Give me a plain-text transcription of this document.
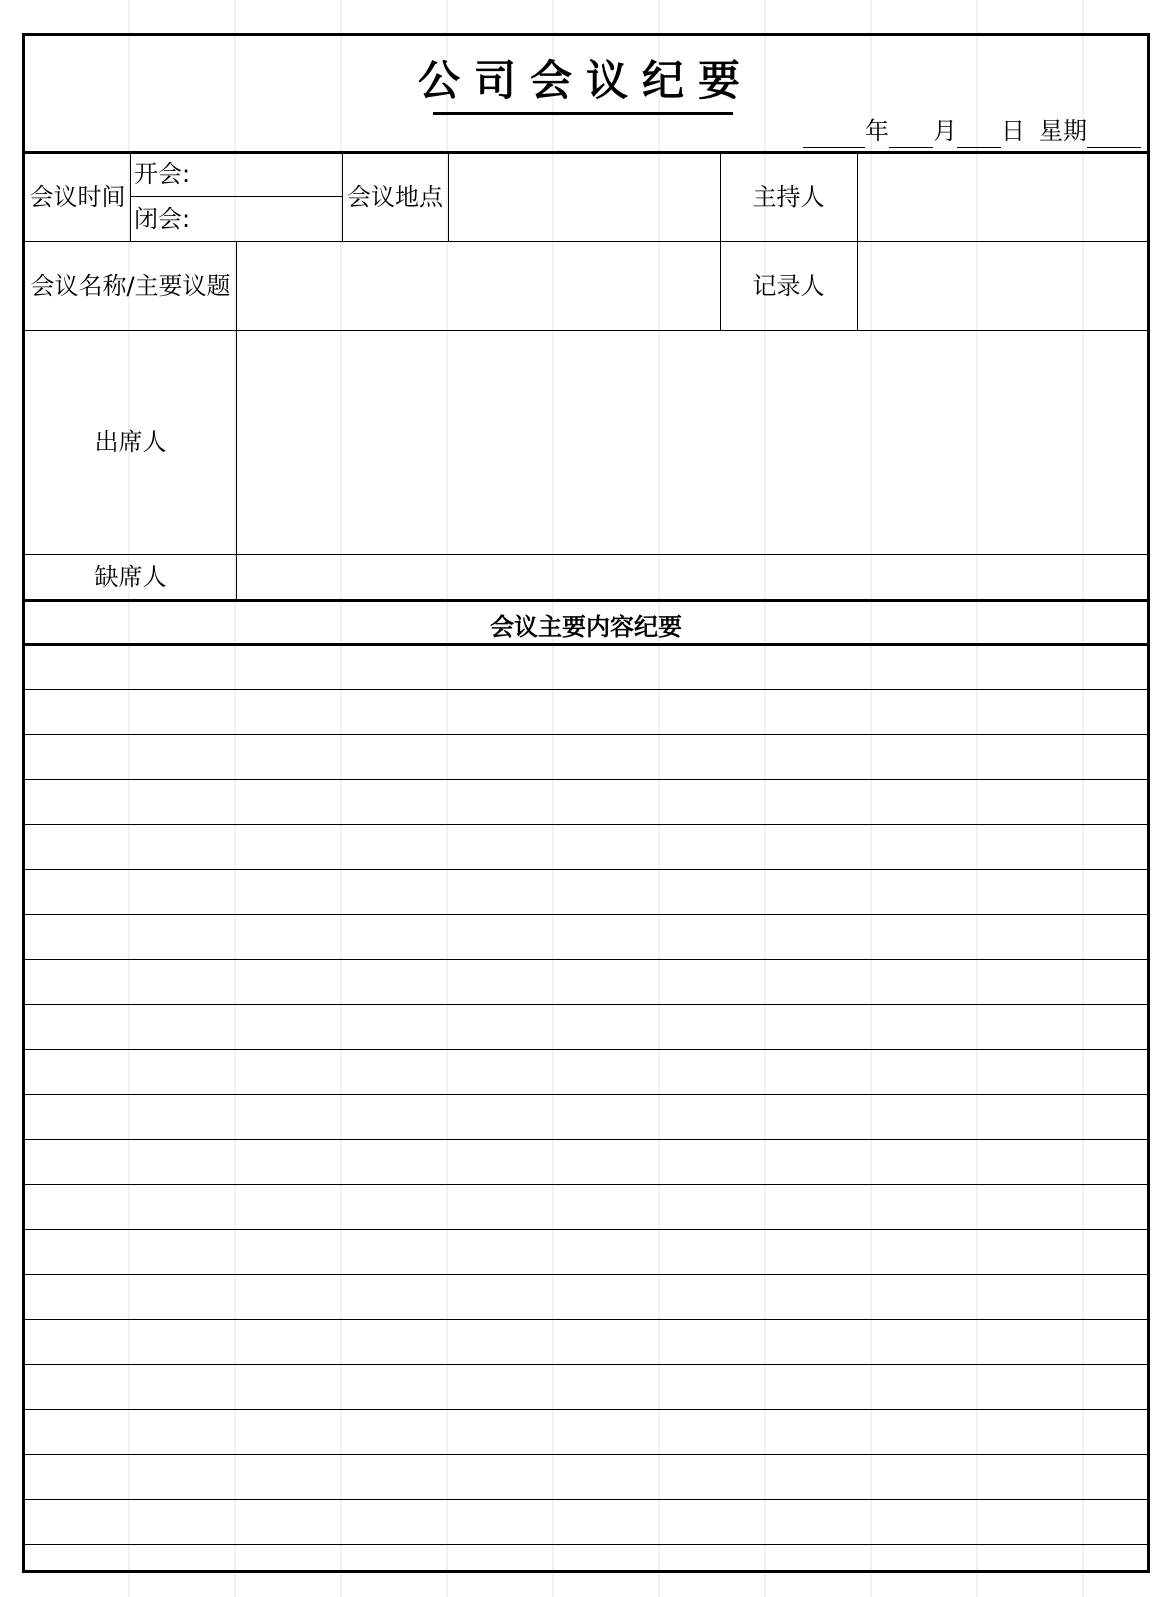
公司会议纪要
年 月 日 星期
会议时间
开会:
闭会:
会议地点	主持人
会议名称/主要议题	记录人
出席人
缺席人
会议主要内容纪要
